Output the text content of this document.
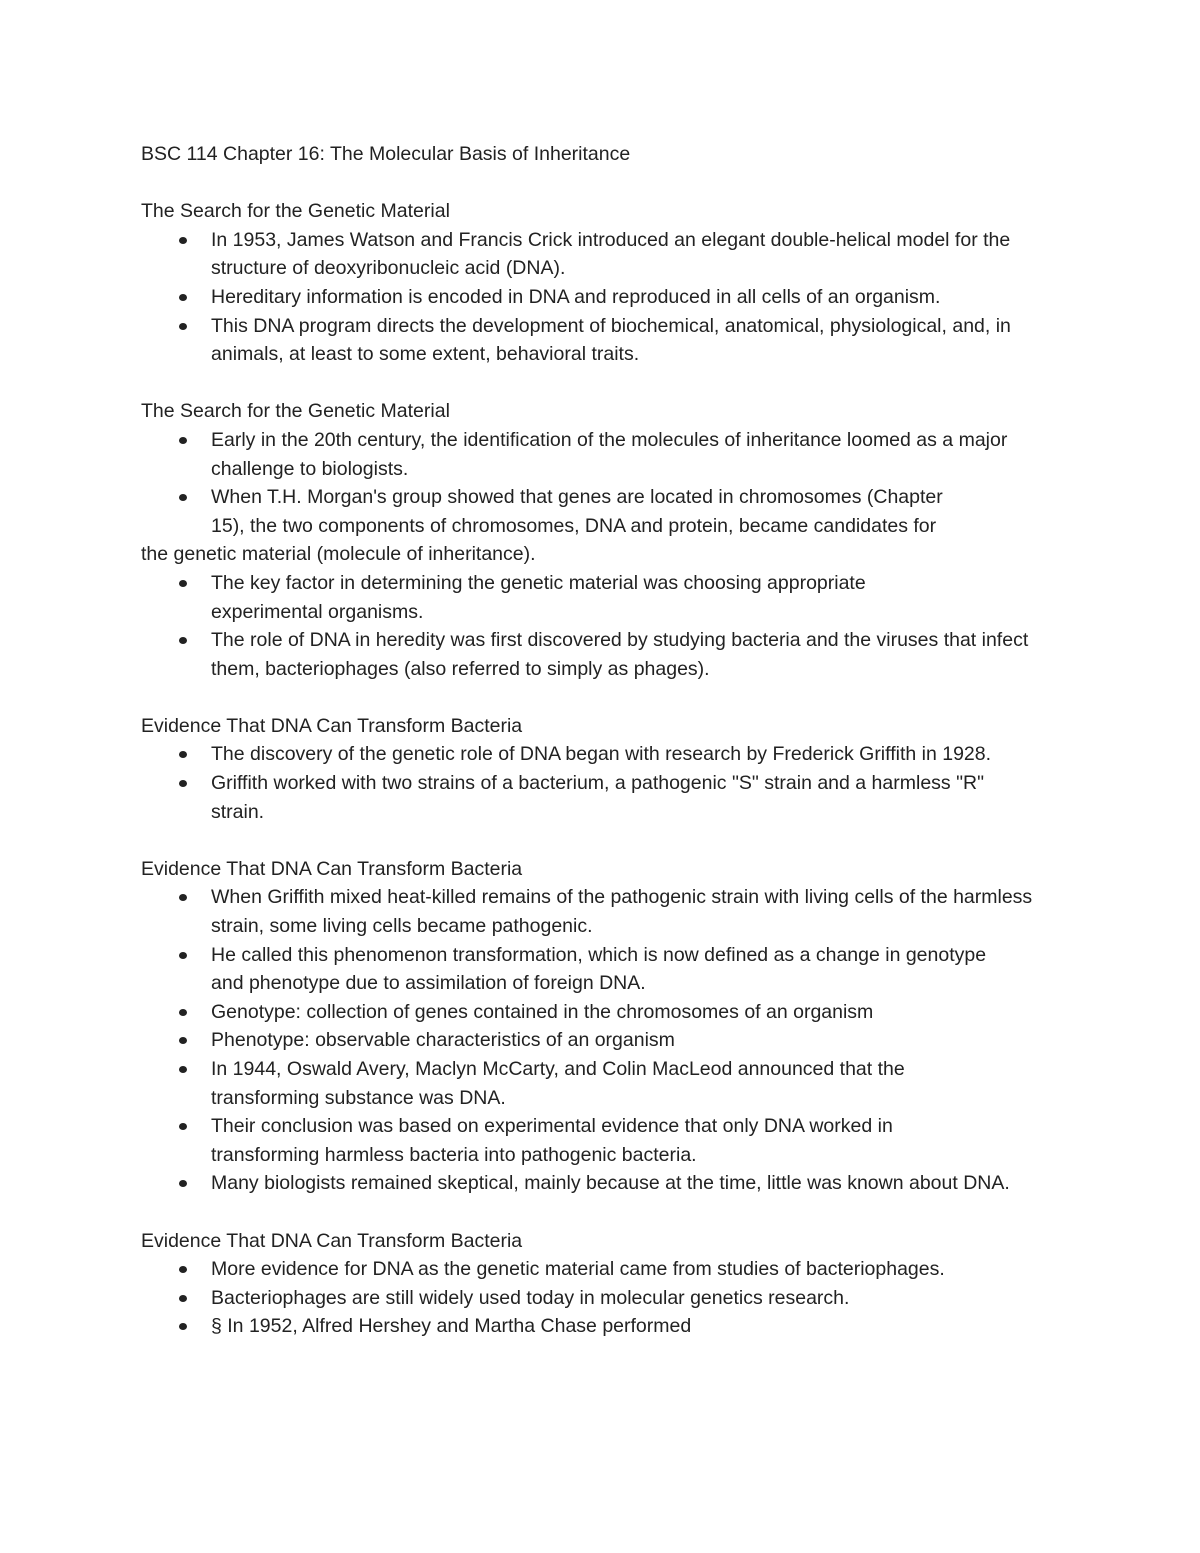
BSC 114 Chapter 16: The Molecular Basis of Inheritance
The Search for the Genetic Material
In 1953, James Watson and Francis Crick introduced an elegant double-helical model for the structure of deoxyribonucleic acid (DNA).
Hereditary information is encoded in DNA and reproduced in all cells of an organism.
This DNA program directs the development of biochemical, anatomical, physiological, and, in animals, at least to some extent, behavioral traits.
The Search for the Genetic Material
Early in the 20th century, the identification of the molecules of inheritance loomed as a major challenge to biologists.
When T.H. Morgan's group showed that genes are located in chromosomes (Chapter
15), the two components of chromosomes, DNA and protein, became candidates for

the genetic material (molecule of inheritance).

The key factor in determining the genetic material was choosing appropriate experimental organisms.
The role of DNA in heredity was first discovered by studying bacteria and the viruses that infect them, bacteriophages (also referred to simply as phages).
Evidence That DNA Can Transform Bacteria
The discovery of the genetic role of DNA began with research by Frederick Griffith in 1928.
Griffith worked with two strains of a bacterium, a pathogenic "S" strain and a harmless "R" strain.
Evidence That DNA Can Transform Bacteria
When Griffith mixed heat-killed remains of the pathogenic strain with living cells of the harmless strain, some living cells became pathogenic.
He called this phenomenon transformation, which is now defined as a change in genotype and phenotype due to assimilation of foreign DNA.
Genotype: collection of genes contained in the chromosomes of an organism
Phenotype: observable characteristics of an organism
In 1944, Oswald Avery, Maclyn McCarty, and Colin MacLeod announced that the transforming substance was DNA.
Their conclusion was based on experimental evidence that only DNA worked in transforming harmless bacteria into pathogenic bacteria.
Many biologists remained skeptical, mainly because at the time, little was known about DNA.
Evidence That DNA Can Transform Bacteria
More evidence for DNA as the genetic material came from studies of bacteriophages.
Bacteriophages are still widely used today in molecular genetics research.
§ In 1952, Alfred Hershey and Martha Chase performed
